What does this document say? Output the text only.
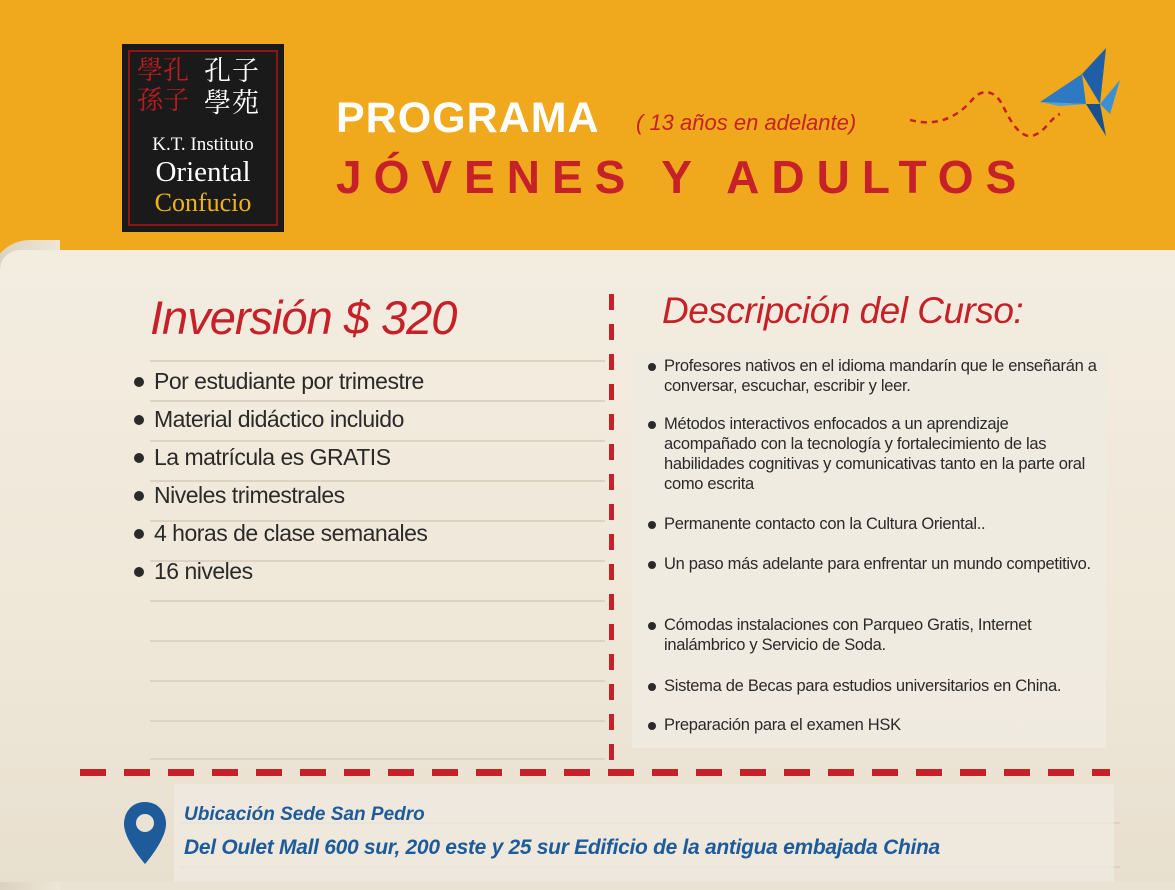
學孔 孫子
孔子
學苑
K.T. Instituto
Oriental
Confucio
PROGRAMA ( 13 años en adelante)
JÓVENES Y ADULTOS
Inversión $ 320
Por estudiante por trimestre
Material didáctico incluido
La matrícula es GRATIS
Niveles trimestrales
4 horas de clase semanales
16 niveles
Descripción del Curso:
Profesores nativos en el idioma mandarín que le enseñarán a conversar, escuchar, escribir y leer.
Métodos interactivos enfocados a un aprendizaje acompañado con la tecnología y fortalecimiento de las habilidades cognitivas y comunicativas tanto en la parte oral como escrita
Permanente contacto con la Cultura Oriental..
Un paso más adelante para enfrentar un mundo competitivo.
Cómodas instalaciones con Parqueo Gratis, Internet inalámbrico y Servicio de Soda.
Sistema de Becas para estudios universitarios en China.
Preparación para el examen HSK
Ubicación Sede San Pedro
Del Oulet Mall 600 sur, 200 este y 25 sur Edificio de la antigua embajada China
